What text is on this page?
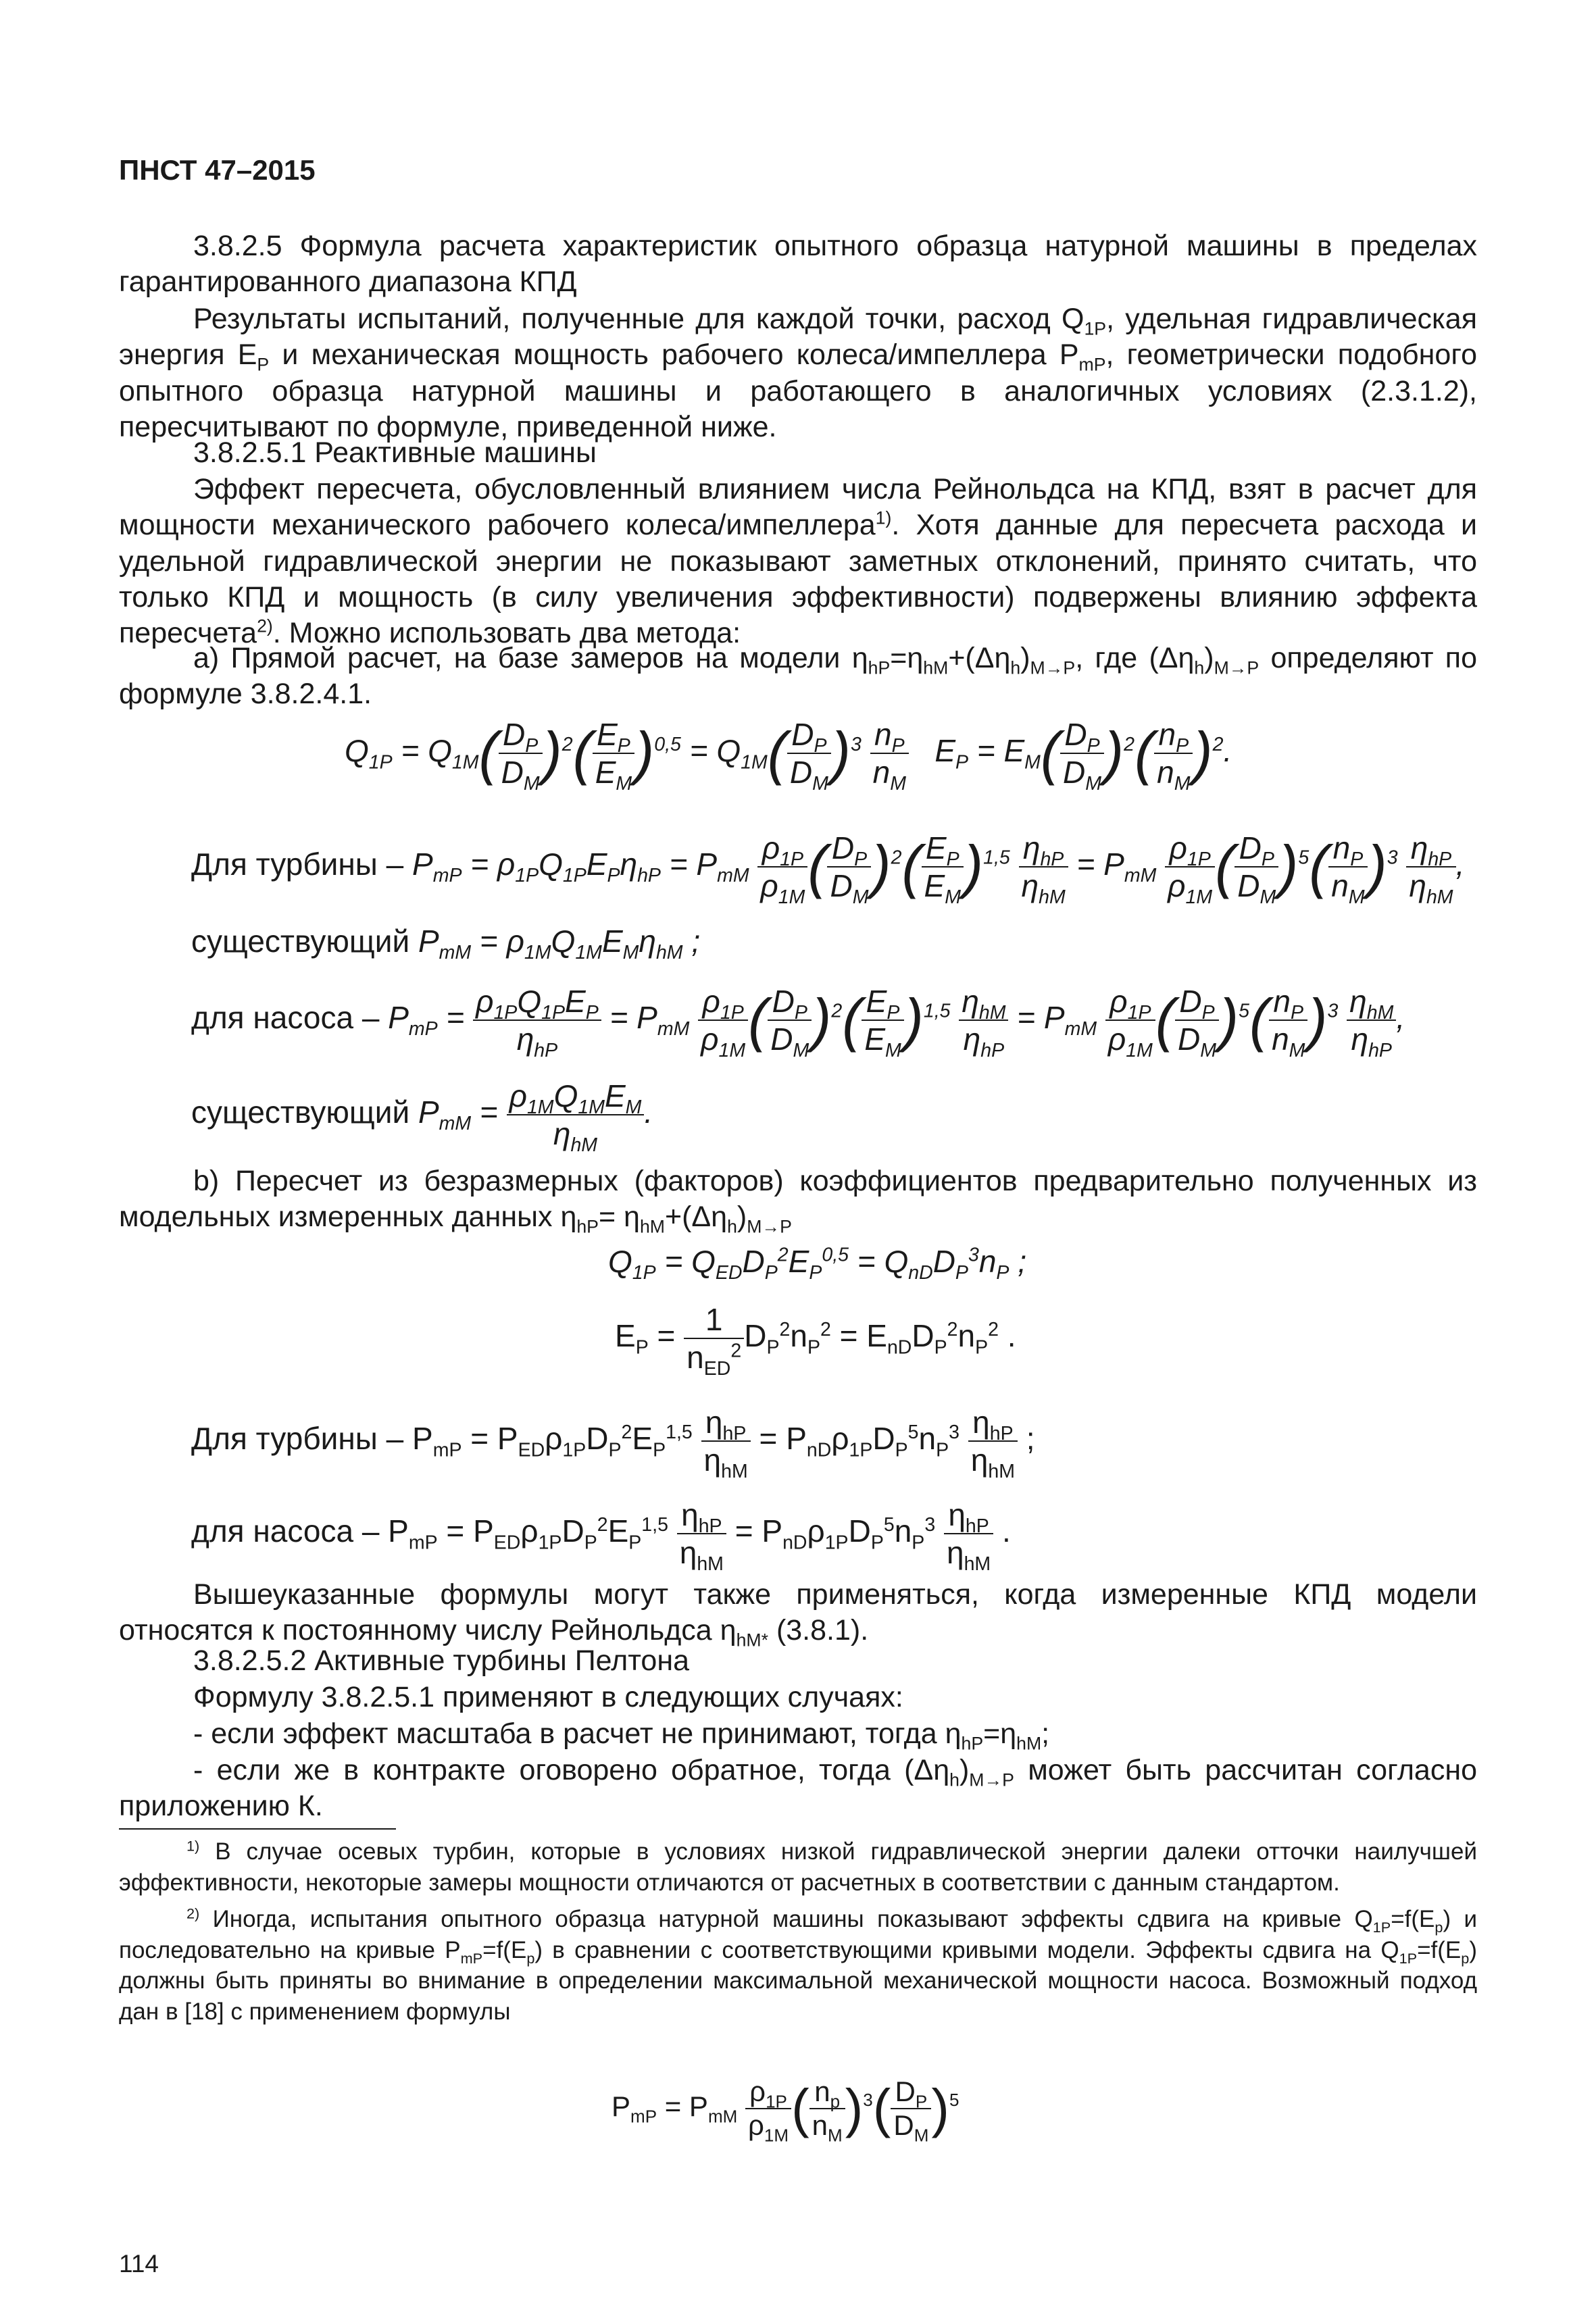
ПНСТ 47–2015
3.8.2.5 Формула расчета характеристик опытного образца натурной машины в пределах гарантированного диапазона КПД
Результаты испытаний, полученные для каждой точки, расход $Q_{1P}$, удельная гидравлическая энергия $E_P$ и механическая мощность рабочего колеса/импеллера $P_{mP}$, геометрически подобного опытного образца натурной машины и работающего в аналогичных условиях (2.3.1.2), пересчитывают по формуле, приведенной ниже.
3.8.2.5.1 Реактивные машины
Эффект пересчета, обусловленный влиянием числа Рейнольдса на КПД, взят в расчет для мощности механического рабочего колеса/импеллера$^{1)}$. Хотя данные для пересчета расхода и удельной гидравлической энергии не показывают заметных отклонений, принято считать, что только КПД и мощность (в силу увеличения эффективности) подвержены влиянию эффекта пересчета$^{2)}$. Можно использовать два метода:
а) Прямой расчет, на базе замеров на модели $\eta_{hP}=\eta_{hM}+(\Delta\eta_h)_{M\to P}$, где $(\Delta\eta_h)_{M\to P}$ определяют по формуле 3.8.2.4.1.
$Q_{1P} = Q_{1M}( \frac{D_P}{D_M} )^2( \frac{E_P}{E_M} )^{0,5} = Q_{1M}( \frac{D_P}{D_M} )^3 \frac{n_P}{n_M} E_P = E_M( \frac{D_P}{D_M} )^2( \frac{n_P}{n_M} )^2$.
Для турбины – $P_{mP} = \rho_{1P}Q_{1P}E_P\eta_{hP} = P_{mM} \frac{\rho_{1P}}{\rho_{1M}}$ ( $\frac{D_P}{D_M} )^2( \frac{E_P}{E_M} )^{1,5}$ $\eta_{hP}$
$\eta_{hM}$
= $P_{mM} \frac{\rho_{1P}}{\rho_{1M}}$ ( $\frac{D_P}{D_M} )^5( \frac{n_P}{n_M} )^3$ $\eta_{hP}$
$\eta_{hM}$
,
существующий $P_{mM} = \rho_{1M}Q_{1M}E_M\eta_{hM}$ ;
для насоса – $P_{mP} = \rho_{1P}Q_{1P}E_P$
$\eta_{hP}$
= $P_{mM} \frac{\rho_{1P}}{\rho_{1M}}$ ( $\frac{D_P}{D_M} )^2( \frac{E_P}{E_M} )^{1,5}$ $\eta_{hM}$
$\eta_{hP}$
= $P_{mM} \frac{\rho_{1P}}{\rho_{1M}}$ ( $\frac{D_P}{D_M} )^5( \frac{n_P}{n_M} )^3$ $\eta_{hM}$
$\eta_{hP}$
,
существующий $P_{mM} = \rho_{1M}Q_{1M}E_M$
$\eta_{hM}$
.
b) Пересчет из безразмерных (факторов) коэффициентов предварительно полученных из модельных измеренных данных $\eta_{hP}= \eta_{hM}+(\Delta\eta_h)_{M\to P}$
$Q_{1P} = Q_{ED}D_P^2E_P^{0,5} = Q_{nD}D_P^3n_P$ ;
$E_P = 1$
$n_{ED}^2$ $D_P^2n_P^2 = E_{nD}D_P^2n_P^2$ .
Для турбины – $P_{mP} = P_{ED}\rho_{1P}D_P^2E_P^{1,5}$ $\eta_{hP}$
$\eta_{hM}$
= $P_{nD}\rho_{1P}D_P^5n_P^3$ $\eta_{hP}$
$\eta_{hM}$
;
для насоса – $P_{mP} = P_{ED}\rho_{1P}D_P^2E_P^{1,5}$ $\eta_{hP}$
$\eta_{hM}$
= $P_{nD}\rho_{1P}D_P^5n_P^3$ $\eta_{hP}$
$\eta_{hM}$
.
Вышеуказанные формулы могут также применяться, когда измеренные КПД модели относятся к постоянному числу Рейнольдса $\eta_{hM*}$ (3.8.1).
3.8.2.5.2 Активные турбины Пелтона
Формулу 3.8.2.5.1 применяют в следующих случаях:
- если эффект масштаба в расчет не принимают, тогда $\eta_{hP}=\eta_{hM}$;
- если же в контракте оговорено обратное, тогда $(\Delta\eta_h)_{M\to P}$ может быть рассчитан согласно приложению К.
$^{1)}$ В случае осевых турбин, которые в условиях низкой гидравлической энергии далеки отточки наилучшей эффективности, некоторые замеры мощности отличаются от расчетных в соответствии с данным стандартом.
$^{2)}$ Иногда, испытания опытного образца натурной машины показывают эффекты сдвига на кривые $Q_{1P}=f(E_p)$ и последовательно на кривые $P_{mP}=f(E_p)$ в сравнении с соответствующими кривыми модели. Эффекты сдвига на $Q_{1P}=f(E_p)$ должны быть приняты во внимание в определении максимальной механической мощности насоса. Возможный подход дан в [18] с применением формулы
$P_{mP} = P_{mM} \frac{\rho_{1P}}{\rho_{1M}}$ ( $\frac{n_p}{n_M} )^3( \frac{D_P}{D_M} )^5$
114
